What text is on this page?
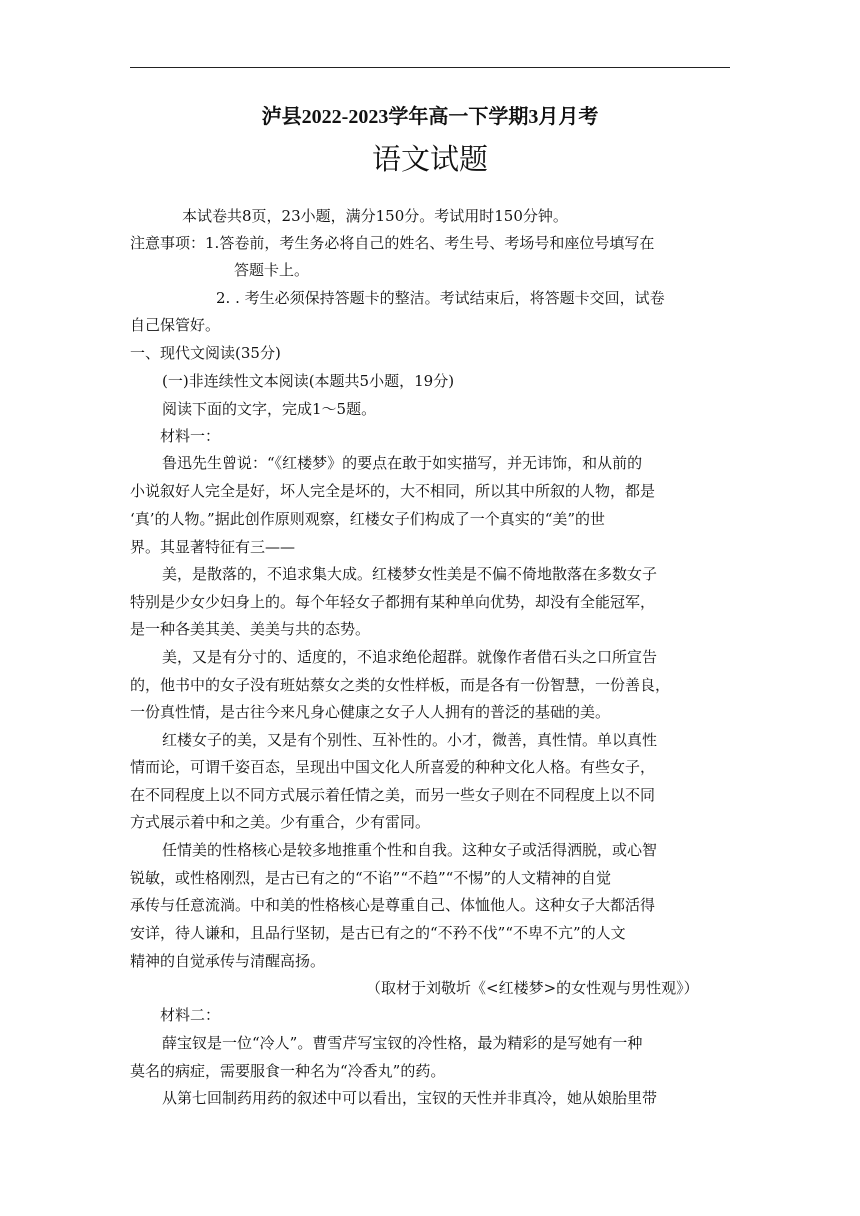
泸县2022-2023学年高一下学期3月月考
语文试题
本试卷共8页，23小题，满分150分。考试用时150分钟。
注意事项：1.答卷前，考生务必将自己的姓名、考生号、考场号和座位号填写在
答题卡上。
2. . 考生必须保持答题卡的整洁。考试结束后，将答题卡交回，试卷
自己保管好。
一、现代文阅读(35分)
(一)非连续性文本阅读(本题共5小题，19分)
阅读下面的文字，完成1～5题。
材料一：
鲁迅先生曾说：“《红楼梦》的要点在敢于如实描写，并无讳饰，和从前的
小说叙好人完全是好，坏人完全是坏的，大不相同，所以其中所叙的人物，都是
‘真’的人物。”据此创作原则观察，红楼女子们构成了一个真实的“美”的世
界。其显著特征有三——
美，是散落的，不追求集大成。红楼梦女性美是不偏不倚地散落在多数女子
特别是少女少妇身上的。每个年轻女子都拥有某种单向优势，却没有全能冠军，
是一种各美其美、美美与共的态势。
美，又是有分寸的、适度的，不追求绝伦超群。就像作者借石头之口所宣告
的，他书中的女子没有班姑蔡女之类的女性样板，而是各有一份智慧，一份善良，
一份真性情，是古往今来凡身心健康之女子人人拥有的普泛的基础的美。
红楼女子的美，又是有个别性、互补性的。小才，微善，真性情。单以真性
情而论，可谓千姿百态，呈现出中国文化人所喜爱的种种文化人格。有些女子，
在不同程度上以不同方式展示着任情之美，而另一些女子则在不同程度上以不同
方式展示着中和之美。少有重合，少有雷同。
任情美的性格核心是较多地推重个性和自我。这种女子或活得洒脱，或心智
锐敏，或性格刚烈，是古已有之的“不谄”“不趋”“不惕”的人文精神的自觉
承传与任意流淌。中和美的性格核心是尊重自己、体恤他人。这种女子大都活得
安详，待人谦和，且品行坚韧，是古已有之的“不矜不伐”“不卑不亢”的人文
精神的自觉承传与清醒高扬。
（取材于刘敬圻《<红楼梦>的女性观与男性观》）
材料二：
薛宝钗是一位“冷人”。曹雪芹写宝钗的冷性格，最为精彩的是写她有一种
莫名的病症，需要服食一种名为“冷香丸”的药。
从第七回制药用药的叙述中可以看出，宝钗的天性并非真冷，她从娘胎里带
